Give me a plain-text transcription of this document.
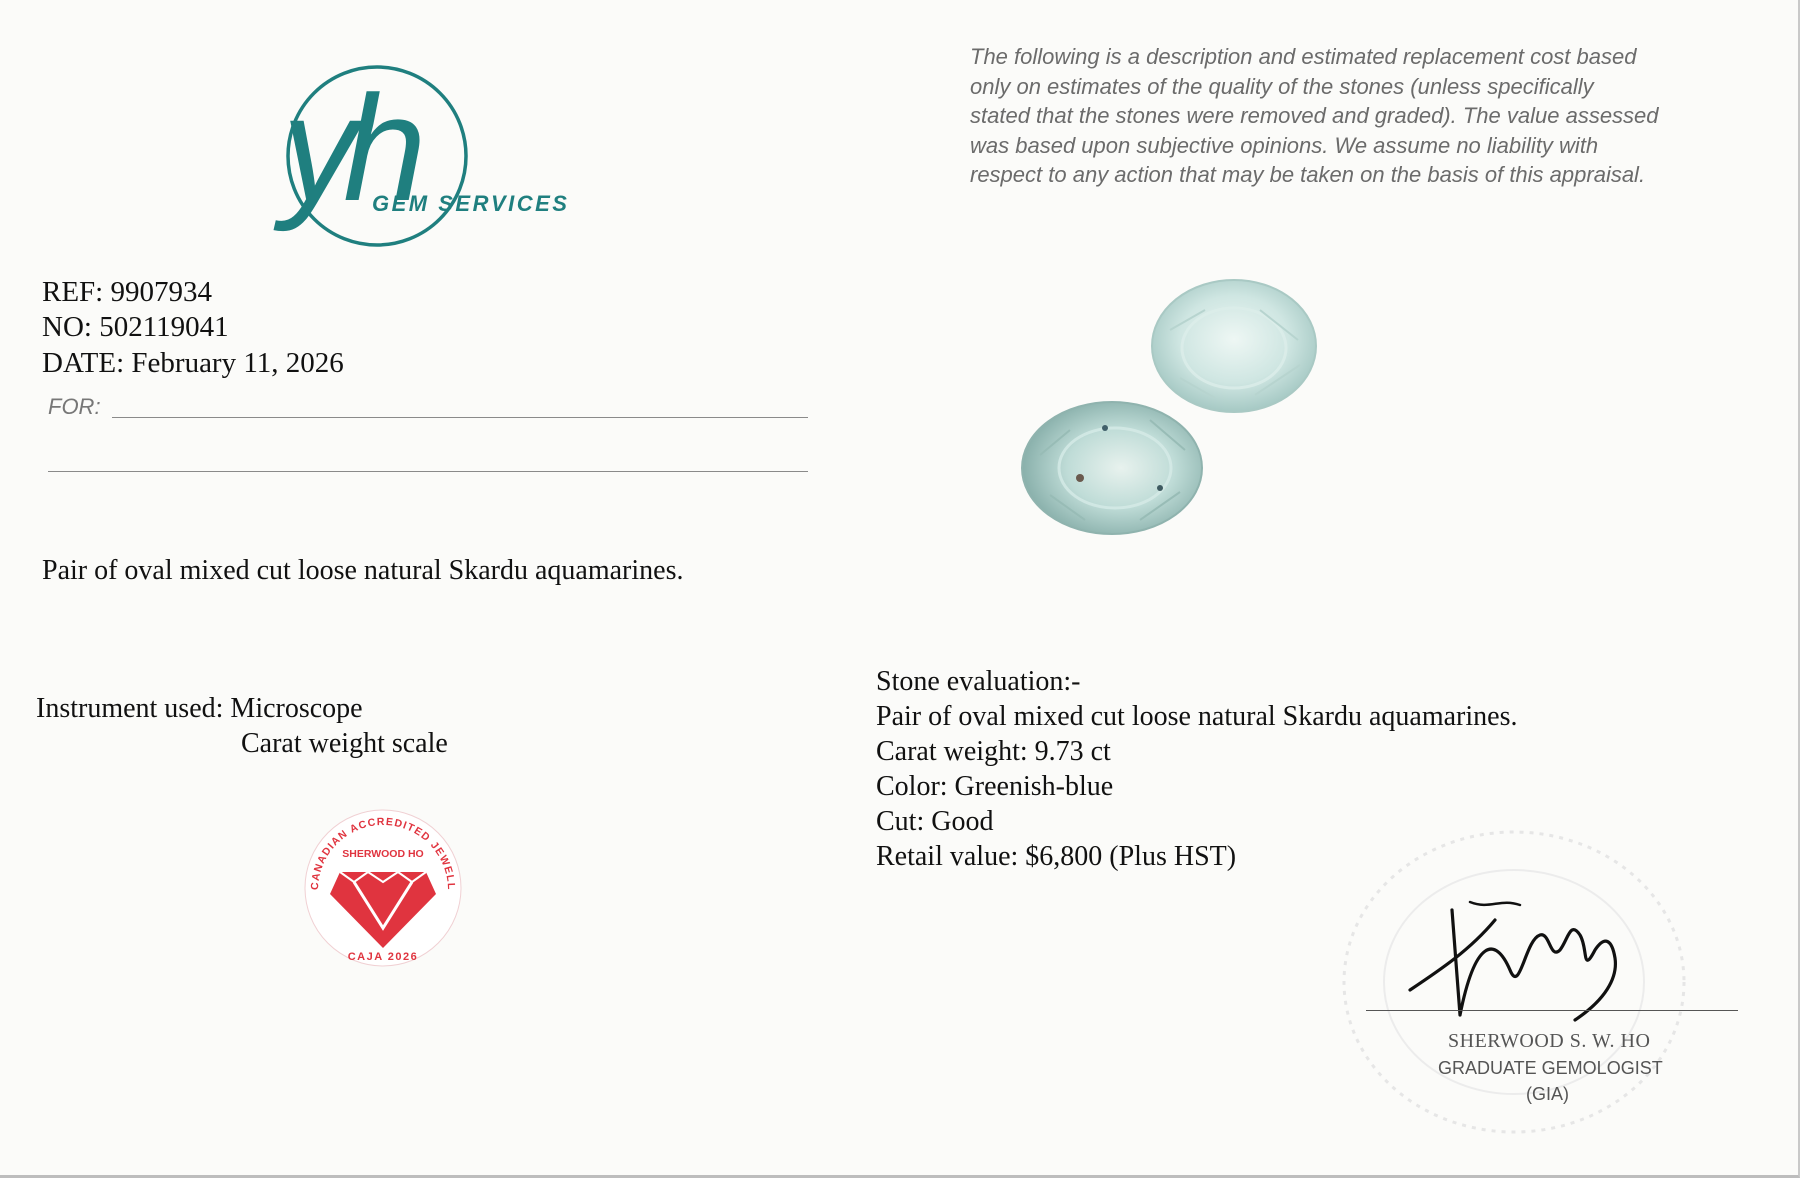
yh
GEM SERVICES
The following is a description and estimated replacement cost based
only on estimates of the quality of the stones (unless specifically
stated that the stones were removed and graded). The value assessed
was based upon subjective opinions. We assume no liability with
respect to any action that may be taken on the basis of this appraisal.
REF: 9907934
NO: 502119041
DATE: February 11, 2026
FOR:
Pair of oval mixed cut loose natural Skardu aquamarines.
Instrument used: Microscope
Carat weight scale
CANADIAN ACCREDITED JEWELL
SHERWOOD HO
CAJA 2026
Stone evaluation:-
Pair of oval mixed cut loose natural Skardu aquamarines.
Carat weight: 9.73 ct
Color: Greenish-blue
Cut: Good
Retail value: $6,800 (Plus HST)
SHERWOOD S. W. HO
GRADUATE GEMOLOGIST
(GIA)
